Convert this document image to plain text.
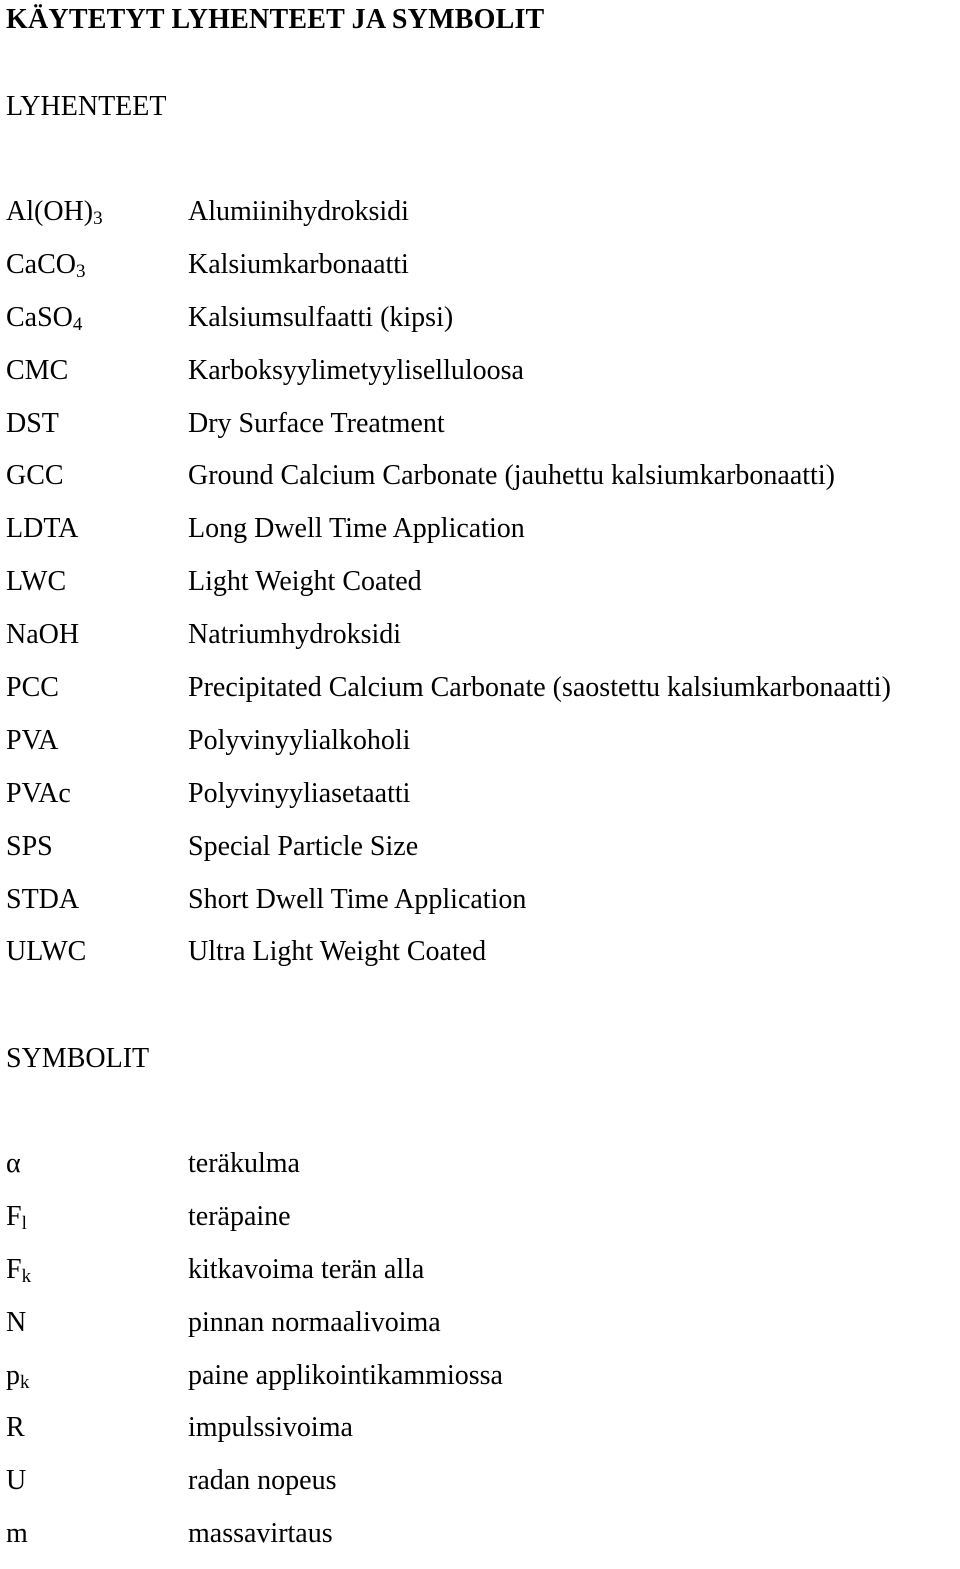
KÄYTETYT LYHENTEET JA SYMBOLIT
LYHENTEET
$Al(OH)_3$	Alumiinihydroksidi
CaCO$_3$	Kalsiumkarbonaatti
CaSO$_4$	Kalsiumsulfaatti (kipsi)
CMC	Karboksyylimetyyliselluloosa
DST	Dry Surface Treatment
GCC	Ground Calcium Carbonate (jauhettu kalsiumkarbonaatti)
LDTA	Long Dwell Time Application
LWC	Light Weight Coated
NaOH	Natriumhydroksidi
PCC	Precipitated Calcium Carbonate (saostettu kalsiumkarbonaatti)
PVA	Polyvinyylialkoholi
PVAc	Polyvinyyliasetaatti
SPS	Special Particle Size
STDA	Short Dwell Time Application
ULWC	Ultra Light Weight Coated
SYMBOLIT
α	teräkulma
$F_l$	teräpaine
$F_k$	kitkavoima terän alla
N	pinnan normaalivoima
$p_k$	paine applikointikammiossa
R	impulssivoima
U	radan nopeus
m	massavirtaus
